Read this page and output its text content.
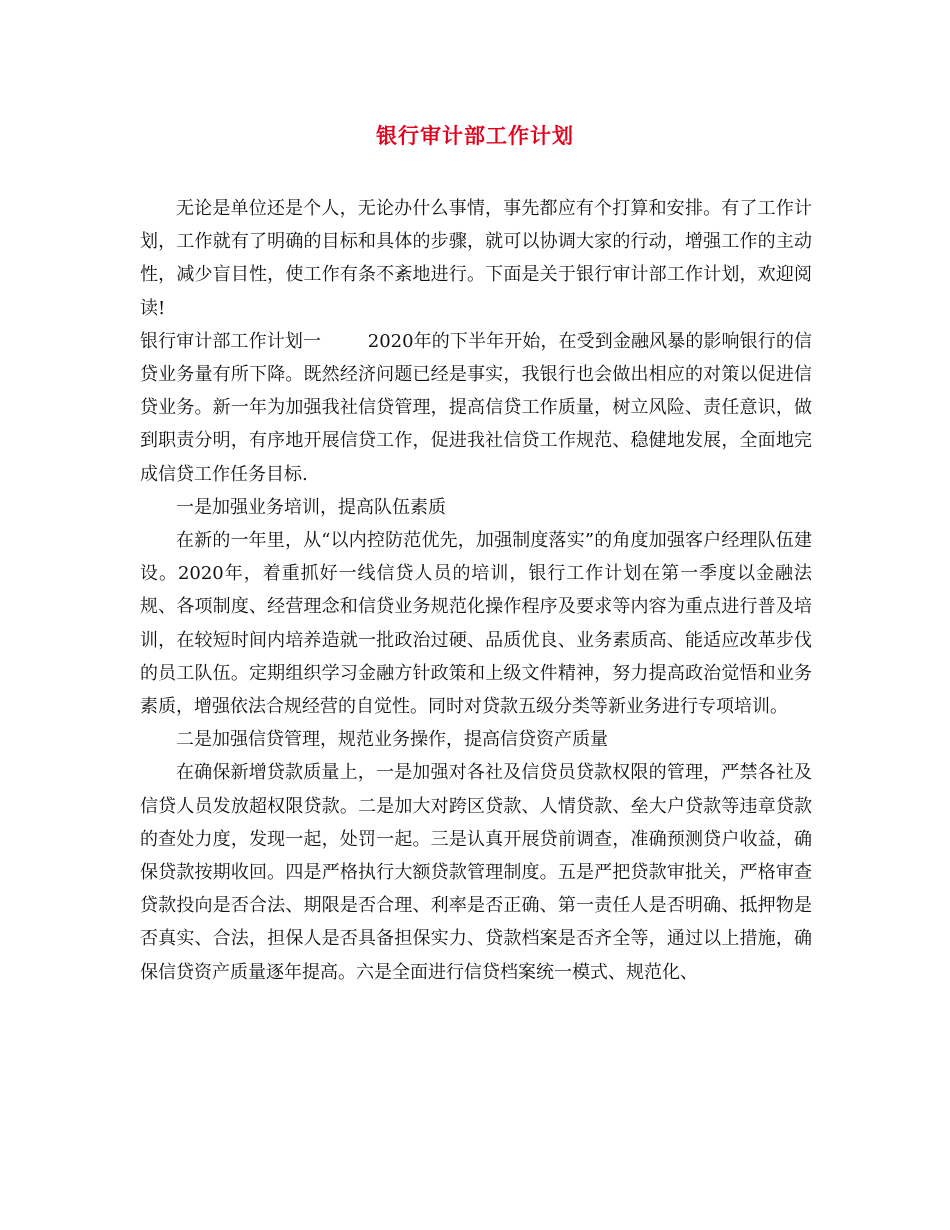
银行审计部工作计划

无论是单位还是个人，无论办什么事情，事先都应有个打算和安排。有了工作计划，工作就有了明确的目标和具体的步骤，就可以协调大家的行动，增强工作的主动性，减少盲目性，使工作有条不紊地进行。下面是关于银行审计部工作计划，欢迎阅读!

银行审计部工作计划一        2020年的下半年开始，在受到金融风暴的影响银行的信贷业务量有所下降。既然经济问题已经是事实，我银行也会做出相应的对策以促进信贷业务。新一年为加强我社信贷管理，提高信贷工作质量，树立风险、责任意识，做到职责分明，有序地开展信贷工作，促进我社信贷工作规范、稳健地发展，全面地完成信贷工作任务目标.

一是加强业务培训，提高队伍素质

在新的一年里，从“以内控防范优先，加强制度落实”的角度加强客户经理队伍建设。2020年，着重抓好一线信贷人员的培训，银行工作计划在第一季度以金融法规、各项制度、经营理念和信贷业务规范化操作程序及要求等内容为重点进行普及培训，在较短时间内培养造就一批政治过硬、品质优良、业务素质高、能适应改革步伐的员工队伍。定期组织学习金融方针政策和上级文件精神，努力提高政治觉悟和业务素质，增强依法合规经营的自觉性。同时对贷款五级分类等新业务进行专项培训。

二是加强信贷管理，规范业务操作，提高信贷资产质量

在确保新增贷款质量上，一是加强对各社及信贷员贷款权限的管理，严禁各社及信贷人员发放超权限贷款。二是加大对跨区贷款、人情贷款、垒大户贷款等违章贷款的查处力度，发现一起，处罚一起。三是认真开展贷前调查，准确预测贷户收益，确保贷款按期收回。四是严格执行大额贷款管理制度。五是严把贷款审批关，严格审查贷款投向是否合法、期限是否合理、利率是否正确、第一责任人是否明确、抵押物是否真实、合法，担保人是否具备担保实力、贷款档案是否齐全等，通过以上措施，确保信贷资产质量逐年提高。六是全面进行信贷档案统一模式、规范化、
